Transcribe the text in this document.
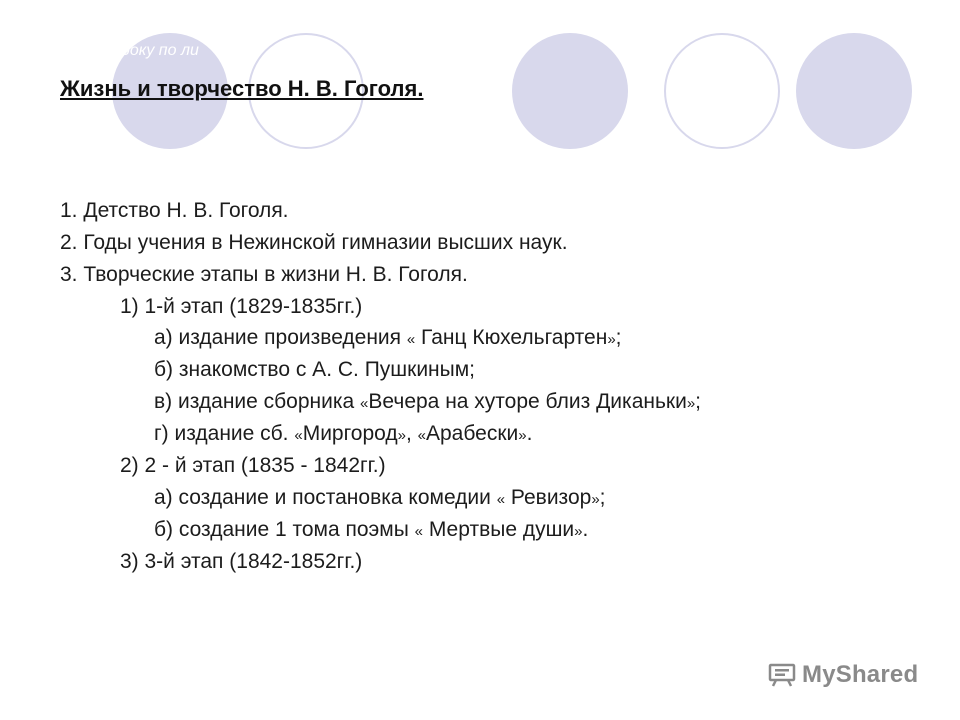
уроку по ли
Жизнь и творчество Н. В. Гоголя.
1. Детство Н. В. Гоголя.
2. Годы учения в Нежинской гимназии высших наук.
3. Творческие этапы в жизни Н. В. Гоголя.
1) 1-й этап (1829-1835гг.)
а) издание произведения « Ганц Кюхельгартен»;
б) знакомство с А. С. Пушкиным;
в) издание сборника «Вечера на хуторе близ Диканьки»;
г) издание сб. «Миргород», «Арабески».
2) 2 - й этап (1835 - 1842гг.)
а) создание и постановка комедии « Ревизор»;
б) создание 1 тома поэмы « Мертвые души».
3) 3-й этап (1842-1852гг.)
MyShared
